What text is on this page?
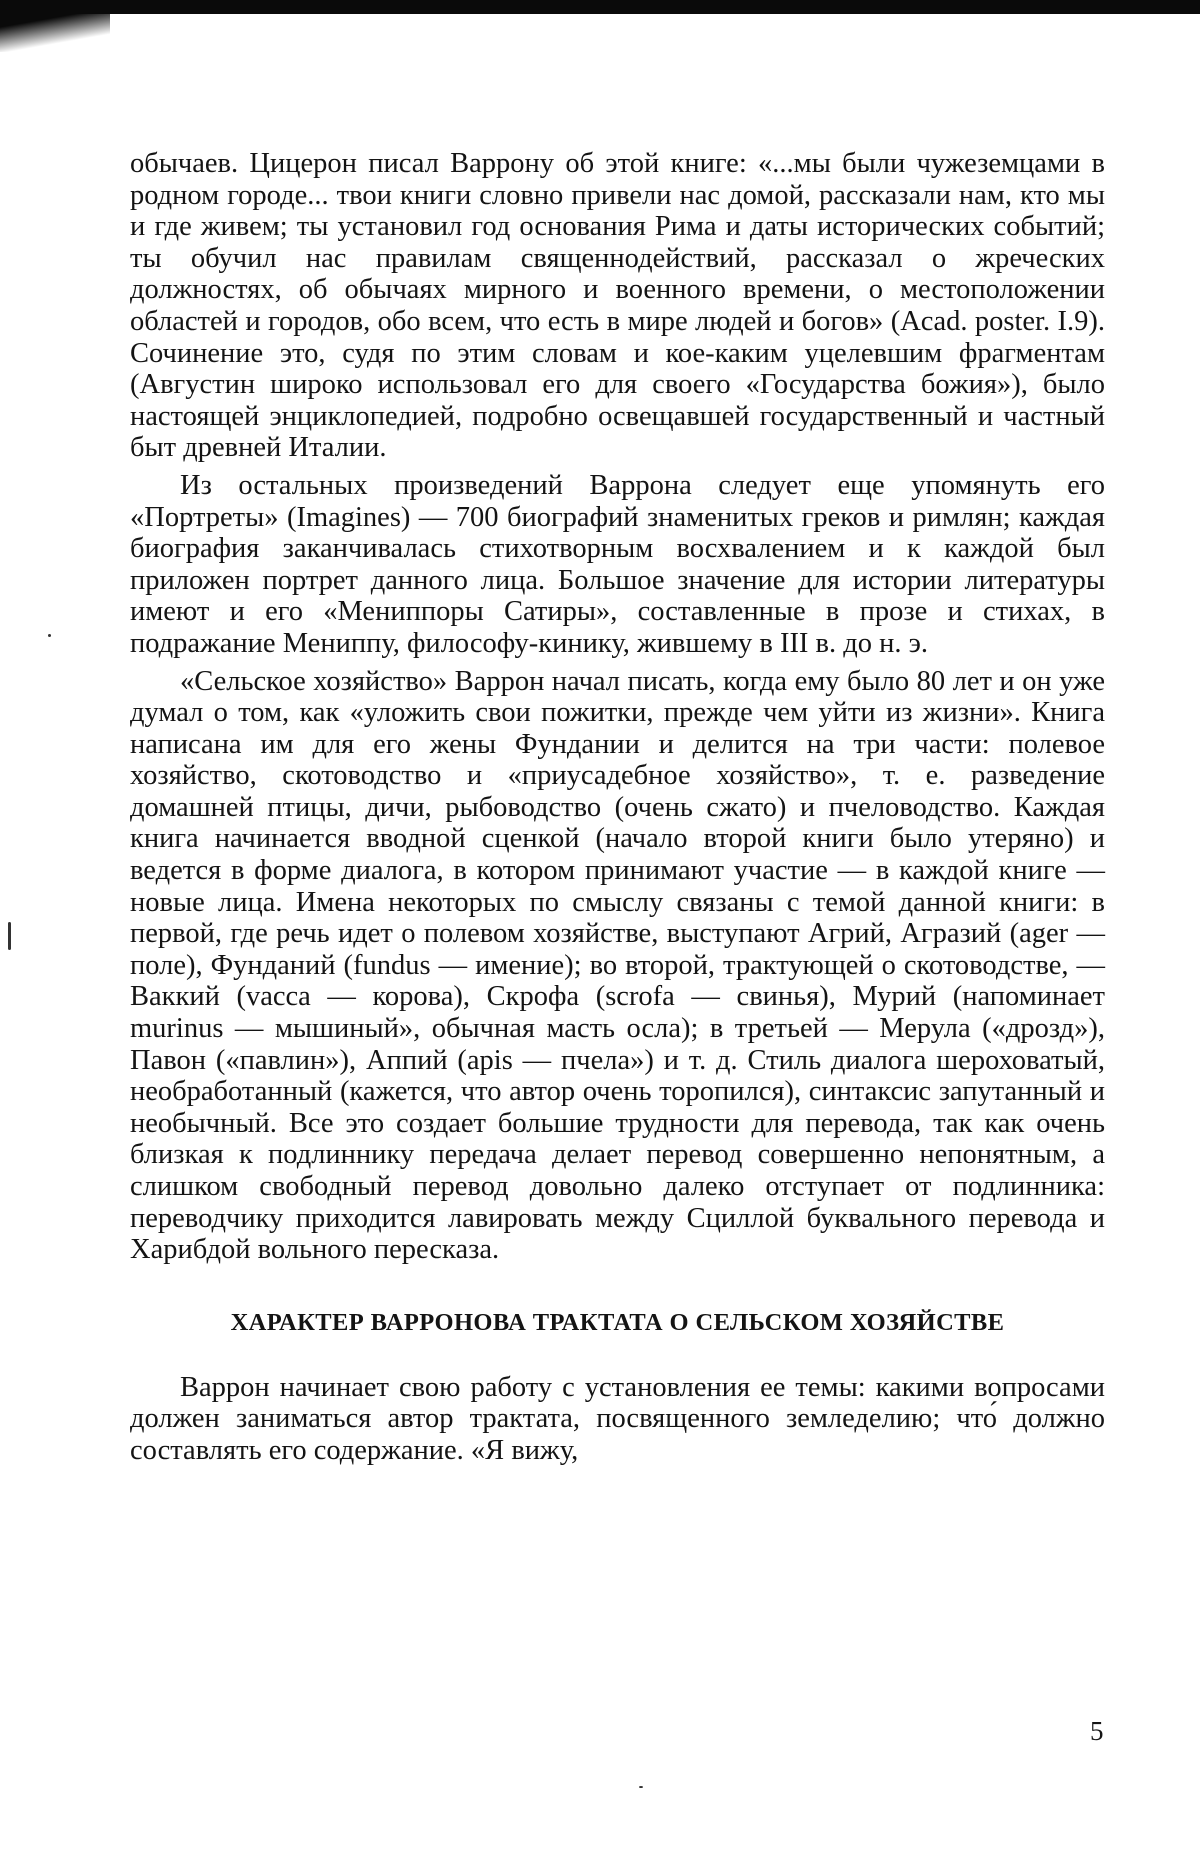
обычаев. Цицерон писал Варрону об этой книге: «...мы были чужеземцами в родном городе... твои книги словно привели нас домой, рассказали нам, кто мы и где живем; ты установил год основания Рима и даты исторических событий; ты обучил нас правилам священнодействий, рассказал о жреческих должностях, об обычаях мирного и военного времени, о местоположении областей и городов, обо всем, что есть в мире людей и богов» (Acad. poster. I.9). Сочинение это, судя по этим словам и кое-каким уцелевшим фрагментам (Августин широко использовал его для своего «Государства божия»), было настоящей энциклопедией, подробно освещавшей государственный и частный быт древней Италии.

Из остальных произведений Варрона следует еще упомянуть его «Портреты» (Imagines) — 700 биографий знаменитых греков и римлян; каждая биография заканчивалась стихотворным восхвалением и к каждой был приложен портрет данного лица. Большое значение для истории литературы имеют и его «Мениппоры Сатиры», составленные в прозе и стихах, в подражание Мениппу, философу-кинику, жившему в III в. до н. э.

«Сельское хозяйство» Варрон начал писать, когда ему было 80 лет и он уже думал о том, как «уложить свои пожитки, прежде чем уйти из жизни». Книга написана им для его жены Фундании и делится на три части: полевое хозяйство, скотоводство и «приусадебное хозяйство», т. е. разведение домашней птицы, дичи, рыбоводство (очень сжато) и пчеловодство. Каждая книга начинается вводной сценкой (начало второй книги было утеряно) и ведется в форме диалога, в котором принимают участие — в каждой книге — новые лица. Имена некоторых по смыслу связаны с темой данной книги: в первой, где речь идет о полевом хозяйстве, выступают Агрий, Агразий (ager — поле), Фунданий (fundus — имение); во второй, трактующей о скотоводстве, — Ваккий (vacca — корова), Скрофа (scrofa — свинья), Мурий (напоминает murinus — мышиный», обычная масть осла); в третьей — Мерула («дрозд»), Павон («павлин»), Аппий (apis — пчела») и т. д. Стиль диалога шероховатый, необработанный (кажется, что автор очень торопился), синтаксис запутанный и необычный. Все это создает большие трудности для перевода, так как очень близкая к подлиннику передача делает перевод совершенно непонятным, а слишком свободный перевод довольно далеко отступает от подлинника: переводчику приходится лавировать между Сциллой буквального перевода и Харибдой вольного пересказа.

ХАРАКТЕР ВАРРОНОВА ТРАКТАТА О СЕЛЬСКОМ ХОЗЯЙСТВЕ

Варрон начинает свою работу с установления ее темы: какими вопросами должен заниматься автор трактата, посвященного земледелию; что́ должно составлять его содержание. «Я вижу,

5
